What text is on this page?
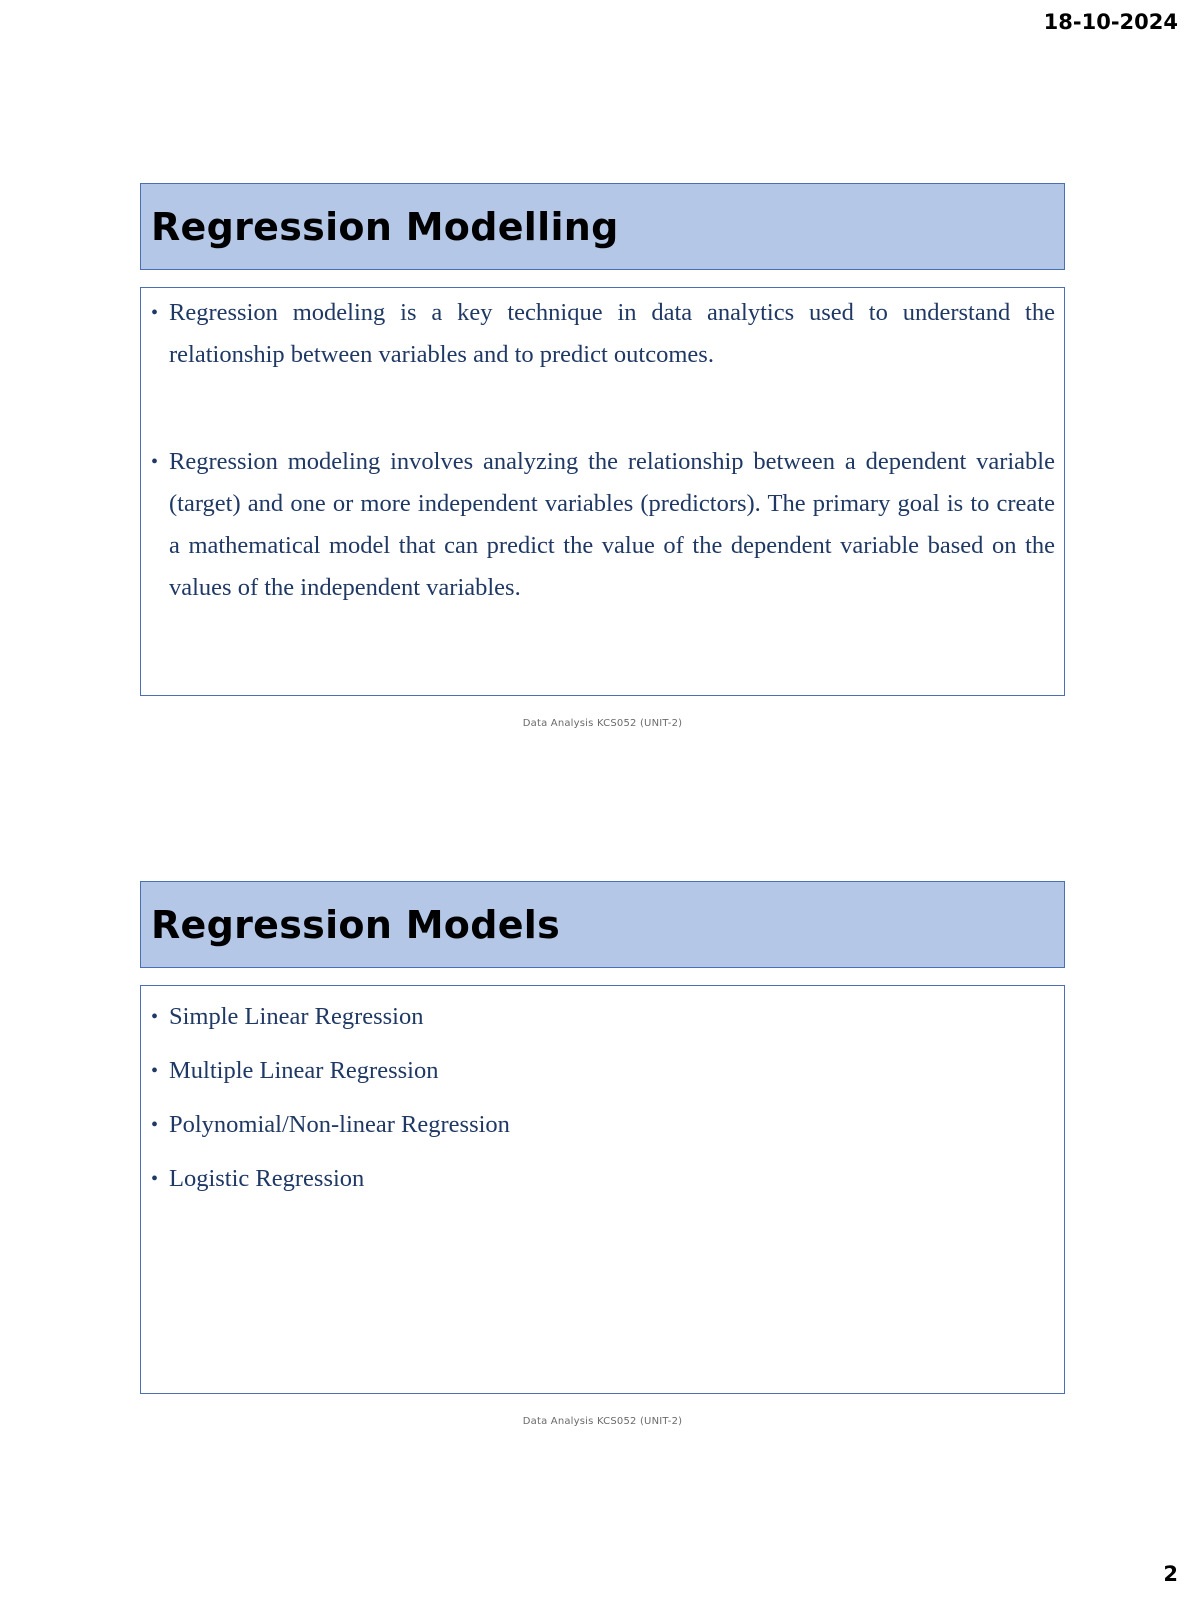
18-10-2024
Regression Modelling
• Regression modeling is a key technique in data analytics used to understand the relationship between variables and to predict outcomes.
• Regression modeling involves analyzing the relationship between a dependent variable (target) and one or more independent variables (predictors). The primary goal is to create a mathematical model that can predict the value of the dependent variable based on the values of the independent variables.
Data Analysis KCS052 (UNIT-2)
Regression Models
• Simple Linear Regression
• Multiple Linear Regression
• Polynomial/Non-linear Regression
• Logistic Regression
Data Analysis KCS052 (UNIT-2)
2
